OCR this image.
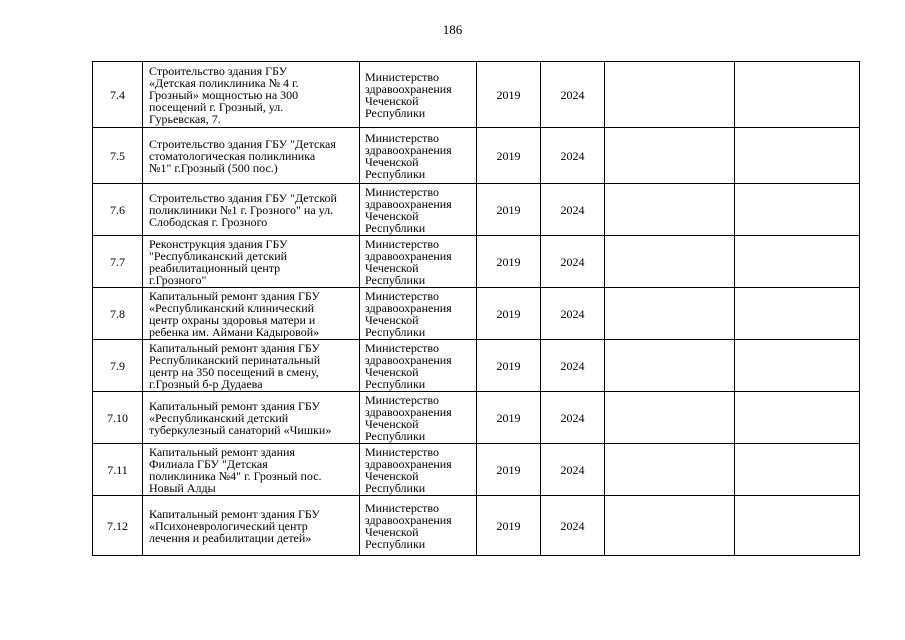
186
7.4	Строительство здания ГБУ
«Детская поликлиника № 4 г.
Грозный» мощностью на 300
посещений г. Грозный, ул.
Гурьевская, 7.	Министерство
здравоохранения
Чеченской
Республики	2019	2024		
7.5	Строительство здания ГБУ "Детская
стоматологическая поликлиника
№1" г.Грозный (500 пос.)	Министерство
здравоохранения
Чеченской
Республики	2019	2024		
7.6	Строительство здания ГБУ "Детской
поликлиники №1 г. Грозного" на ул.
Слободская г. Грозного	Министерство
здравоохранения
Чеченской
Республики	2019	2024		
7.7	Реконструкция здания ГБУ
"Республиканский детский
реабилитационный центр
г.Грозного"	Министерство
здравоохранения
Чеченской
Республики	2019	2024		
7.8	Капитальный ремонт здания ГБУ
«Республиканский клинический
центр охраны здоровья матери и
ребенка им. Аймани Кадыровой»	Министерство
здравоохранения
Чеченской
Республики	2019	2024		
7.9	Капитальный ремонт здания ГБУ
Республиканский перинатальный
центр на 350 посещений в смену,
г.Грозный б-р Дудаева	Министерство
здравоохранения
Чеченской
Республики	2019	2024		
7.10	Капитальный ремонт здания ГБУ
«Республиканский детский
туберкулезный санаторий «Чишки»	Министерство
здравоохранения
Чеченской
Республики	2019	2024		
7.11	Капитальный ремонт здания
Филиала ГБУ "Детская
поликлиника №4" г. Грозный пос.
Новый Алды	Министерство
здравоохранения
Чеченской
Республики	2019	2024		
7.12	Капитальный ремонт здания ГБУ
«Психоневрологический центр
лечения и реабилитации детей»	Министерство
здравоохранения
Чеченской
Республики	2019	2024		
